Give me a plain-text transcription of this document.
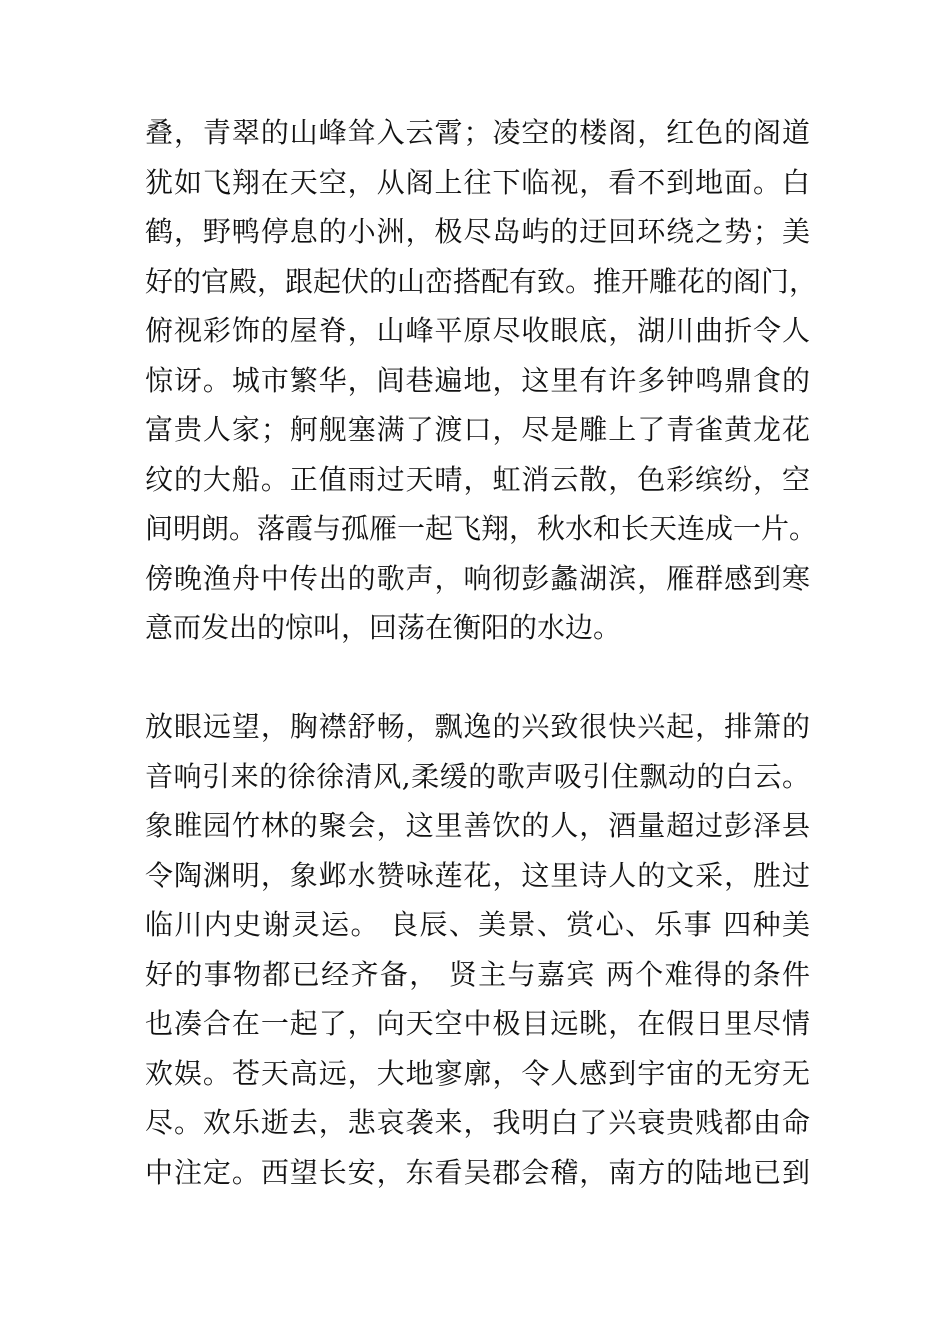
叠，青翠的山峰耸入云霄；凌空的楼阁，红色的阁道
犹如飞翔在天空，从阁上往下临视，看不到地面。白
鹤，野鸭停息的小洲，极尽岛屿的迂回环绕之势；美
好的官殿，跟起伏的山峦搭配有致。推开雕花的阁门，
俯视彩饰的屋脊，山峰平原尽收眼底，湖川曲折令人
惊讶。城市繁华，闾巷遍地，这里有许多钟鸣鼎食的
富贵人家；舸舰塞满了渡口，尽是雕上了青雀黄龙花
纹的大船。正值雨过天晴，虹消云散，色彩缤纷，空
间明朗。落霞与孤雁一起飞翔，秋水和长天连成一片。
傍晚渔舟中传出的歌声，响彻彭蠡湖滨，雁群感到寒
意而发出的惊叫，回荡在衡阳的水边。
放眼远望，胸襟舒畅，飘逸的兴致很快兴起，排箫的
音响引来的徐徐清风,柔缓的歌声吸引住飘动的白云。
象睢园竹林的聚会，这里善饮的人，酒量超过彭泽县
令陶渊明，象邺水赞咏莲花，这里诗人的文采，胜过
临川内史谢灵运。 良辰、美景、赏心、乐事 四种美
好的事物都已经齐备， 贤主与嘉宾 两个难得的条件
也凑合在一起了，向天空中极目远眺，在假日里尽情
欢娱。苍天高远，大地寥廓，令人感到宇宙的无穷无
尽。欢乐逝去，悲哀袭来，我明白了兴衰贵贱都由命
中注定。西望长安，东看吴郡会稽，南方的陆地已到
